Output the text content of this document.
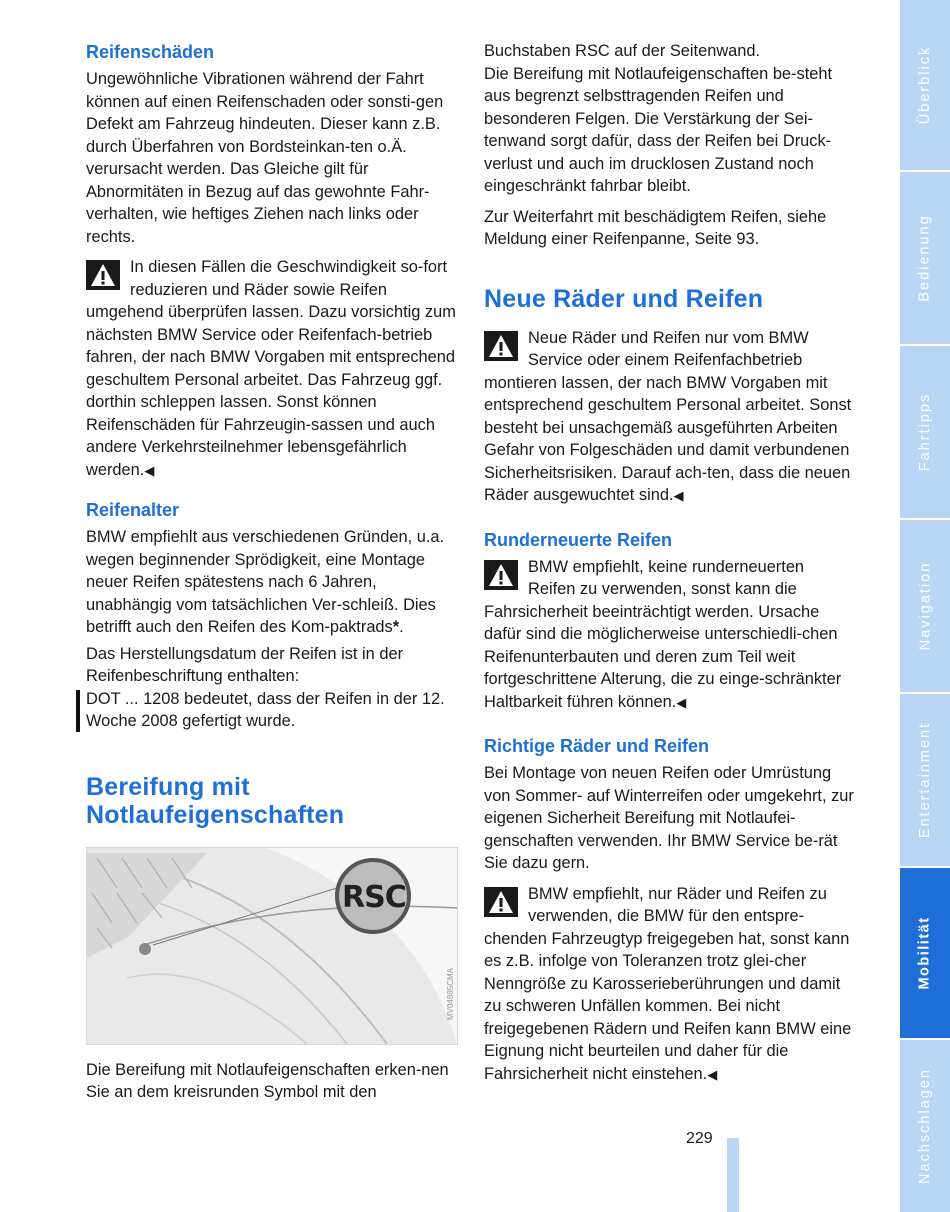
Reifenschäden

Ungewöhnliche Vibrationen während der Fahrt können auf einen Reifenschaden oder sonsti-gen Defekt am Fahrzeug hindeuten. Dieser kann z.B. durch Überfahren von Bordsteinkan-ten o.Ä. verursacht werden. Das Gleiche gilt für Abnormitäten in Bezug auf das gewohnte Fahr-verhalten, wie heftiges Ziehen nach links oder rechts.

In diesen Fällen die Geschwindigkeit so-fort reduzieren und Räder sowie Reifen umgehend überprüfen lassen. Dazu vorsichtig zum nächsten BMW Service oder Reifenfach-betrieb fahren, der nach BMW Vorgaben mit entsprechend geschultem Personal arbeitet. Das Fahrzeug ggf. dorthin schleppen lassen. Sonst können Reifenschäden für Fahrzeugin-sassen und auch andere Verkehrsteilnehmer lebensgefährlich werden.◀
Reifenalter

BMW empfiehlt aus verschiedenen Gründen, u.a. wegen beginnender Sprödigkeit, eine Montage neuer Reifen spätestens nach 6 Jahren, unabhängig vom tatsächlichen Ver-schleiß. Dies betrifft auch den Reifen des Kom-paktrads*.

Das Herstellungsdatum der Reifen ist in der Reifenbeschriftung enthalten:

DOT ... 1208 bedeutet, dass der Reifen in der 12. Woche 2008 gefertigt wurde.

Bereifung mit Notlaufeigenschaften
RSC
MV04885CMA

Die Bereifung mit Notlaufeigenschaften erken-nen Sie an dem kreisrunden Symbol mit den

Buchstaben RSC auf der Seitenwand.

Die Bereifung mit Notlaufeigenschaften be-steht aus begrenzt selbsttragenden Reifen und besonderen Felgen. Die Verstärkung der Sei-tenwand sorgt dafür, dass der Reifen bei Druck-verlust und auch im drucklosen Zustand noch eingeschränkt fahrbar bleibt.

Zur Weiterfahrt mit beschädigtem Reifen, siehe Meldung einer Reifenpanne, Seite 93.

Neue Räder und Reifen
Neue Räder und Reifen nur vom BMW Service oder einem Reifenfachbetrieb montieren lassen, der nach BMW Vorgaben mit entsprechend geschultem Personal arbeitet. Sonst besteht bei unsachgemäß ausgeführten Arbeiten Gefahr von Folgeschäden und damit verbundenen Sicherheitsrisiken. Darauf ach-ten, dass die neuen Räder ausgewuchtet sind.◀
Runderneuerte Reifen
BMW empfiehlt, keine runderneuerten Reifen zu verwenden, sonst kann die Fahrsicherheit beeinträchtigt werden. Ursache dafür sind die möglicherweise unterschiedli-chen Reifenunterbauten und deren zum Teil weit fortgeschrittene Alterung, die zu einge-schränkter Haltbarkeit führen können.◀
Richtige Räder und Reifen

Bei Montage von neuen Reifen oder Umrüstung von Sommer- auf Winterreifen oder umgekehrt, zur eigenen Sicherheit Bereifung mit Notlaufei-genschaften verwenden. Ihr BMW Service be-rät Sie dazu gern.

BMW empfiehlt, nur Räder und Reifen zu verwenden, die BMW für den entspre-chenden Fahrzeugtyp freigegeben hat, sonst kann es z.B. infolge von Toleranzen trotz glei-cher Nenngröße zu Karosserieberührungen und damit zu schweren Unfällen kommen. Bei nicht freigegebenen Rädern und Reifen kann BMW eine Eignung nicht beurteilen und daher für die Fahrsicherheit nicht einstehen.◀
229
Überblick
Bedienung
Fahrtipps
Navigation
Entertainment
Mobilität
Nachschlagen
